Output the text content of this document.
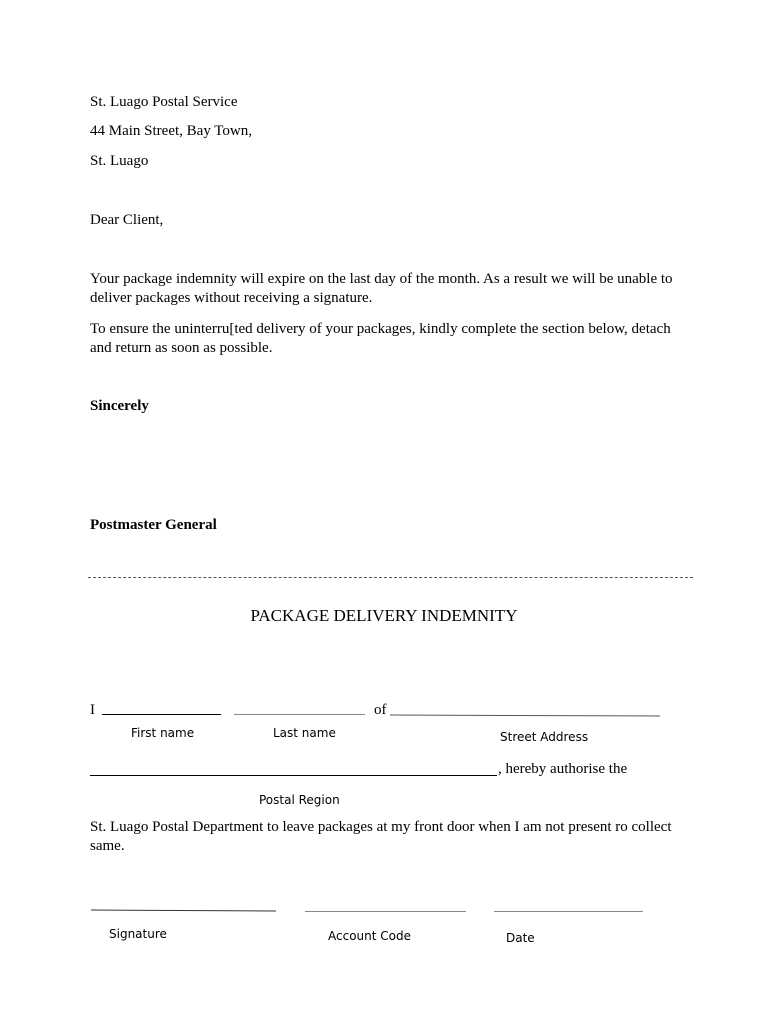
St. Luago Postal Service
44 Main Street, Bay Town,
St. Luago
Dear Client,
Your package indemnity will expire on the last day of the month. As a result we will be unable to deliver packages without receiving a signature.
To ensure the uninterru[ted delivery of your packages, kindly complete the section below, detach and return as soon as possible.
Sincerely
Postmaster General
PACKAGE DELIVERY INDEMNITY
I	of
First name	Last name	Street Address
, hereby authorise the
Postal Region
St. Luago Postal Department to leave packages at my front door when I am not present ro collect same.
Signature	Account Code	Date
